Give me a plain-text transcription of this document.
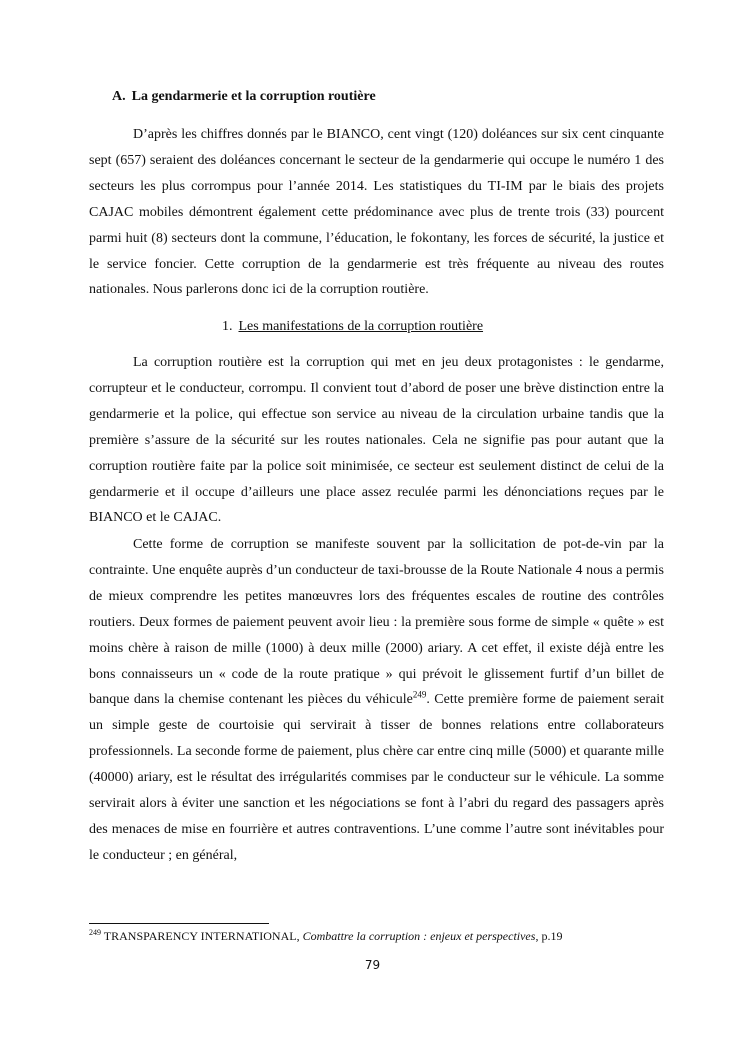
A. La gendarmerie et la corruption routière

D’après les chiffres donnés par le BIANCO, cent vingt (120) doléances sur six cent cinquante sept (657) seraient des doléances concernant le secteur de la gendarmerie qui occupe le numéro 1 des secteurs les plus corrompus pour l’année 2014. Les statistiques du TI-IM par le biais des projets CAJAC mobiles démontrent également cette prédominance avec plus de trente trois (33) pourcent parmi huit (8) secteurs dont la commune, l’éducation, le fokontany, les forces de sécurité, la justice et le service foncier. Cette corruption de la gendarmerie est très fréquente au niveau des routes nationales. Nous parlerons donc ici de la corruption routière.

1. Les manifestations de la corruption routière

La corruption routière est la corruption qui met en jeu deux protagonistes : le gendarme, corrupteur et le conducteur, corrompu. Il convient tout d’abord de poser une brève distinction entre la gendarmerie et la police, qui effectue son service au niveau de la circulation urbaine tandis que la première s’assure de la sécurité sur les routes nationales. Cela ne signifie pas pour autant que la corruption routière faite par la police soit minimisée, ce secteur est seulement distinct de celui de la gendarmerie et il occupe d’ailleurs une place assez reculée parmi les dénonciations reçues par le BIANCO et le CAJAC.

Cette forme de corruption se manifeste souvent par la sollicitation de pot-de-vin par la contrainte. Une enquête auprès d’un conducteur de taxi-brousse de la Route Nationale 4 nous a permis de mieux comprendre les petites manœuvres lors des fréquentes escales de routine des contrôles routiers. Deux formes de paiement peuvent avoir lieu : la première sous forme de simple « quête » est moins chère à raison de mille (1000) à deux mille (2000) ariary. A cet effet, il existe déjà entre les bons connaisseurs un « code de la route pratique » qui prévoit le glissement furtif d’un billet de banque dans la chemise contenant les pièces du véhicule$^{249}$. Cette première forme de paiement serait un simple geste de courtoisie qui servirait à tisser de bonnes relations entre collaborateurs professionnels. La seconde forme de paiement, plus chère car entre cinq mille (5000) et quarante mille (40000) ariary, est le résultat des irrégularités commises par le conducteur sur le véhicule. La somme servirait alors à éviter une sanction et les négociations se font à l’abri du regard des passagers après des menaces de mise en fourrière et autres contraventions. L’une comme l’autre sont inévitables pour le conducteur ; en général,

$^{249}$ TRANSPARENCY INTERNATIONAL, Combattre la corruption : enjeux et perspectives, p.19
79
